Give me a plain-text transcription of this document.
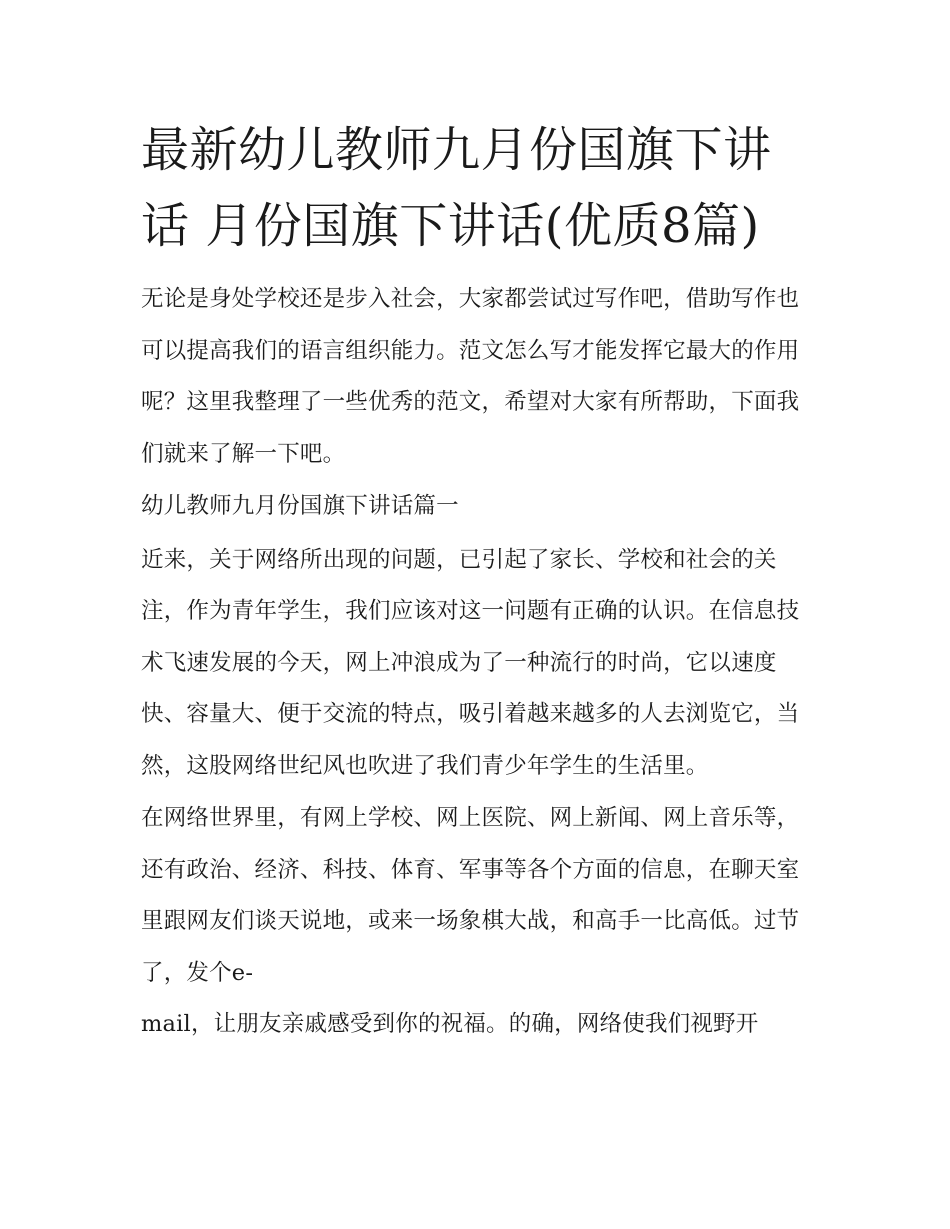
最新幼儿教师九月份国旗下讲话 月份国旗下讲话(优质8篇)

无论是身处学校还是步入社会，大家都尝试过写作吧，借助写作也可以提高我们的语言组织能力。范文怎么写才能发挥它最大的作用呢？这里我整理了一些优秀的范文，希望对大家有所帮助，下面我们就来了解一下吧。

幼儿教师九月份国旗下讲话篇一

近来，关于网络所出现的问题，已引起了家长、学校和社会的关注，作为青年学生，我们应该对这一问题有正确的认识。在信息技术飞速发展的今天，网上冲浪成为了一种流行的时尚，它以速度快、容量大、便于交流的特点，吸引着越来越多的人去浏览它，当然，这股网络世纪风也吹进了我们青少年学生的生活里。

在网络世界里，有网上学校、网上医院、网上新闻、网上音乐等，还有政治、经济、科技、体育、军事等各个方面的信息，在聊天室里跟网友们谈天说地，或来一场象棋大战，和高手一比高低。过节了，发个e-

mail，让朋友亲戚感受到你的祝福。的确，网络使我们视野开
